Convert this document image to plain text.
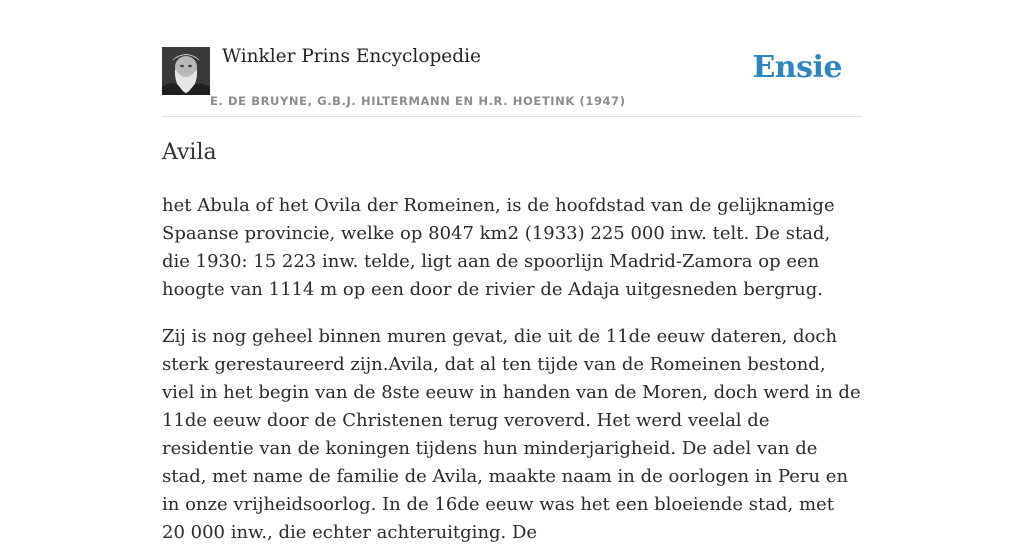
Winkler Prins Encyclopedie
E. DE BRUYNE, G.B.J. HILTERMANN EN H.R. HOETINK (1947)
Ensie
Avila

het Abula of het Ovila der Romeinen, is de hoofdstad van de gelijknamige Spaanse provincie, welke op 8047 km2 (1933) 225 000 inw. telt. De stad, die 1930: 15 223 inw. telde, ligt aan de spoorlijn Madrid-Zamora op een hoogte van 1114 m op een door de rivier de Adaja uitgesneden bergrug.

Zij is nog geheel binnen muren gevat, die uit de 11de eeuw dateren, doch sterk gerestaureerd zijn.Avila, dat al ten tijde van de Romeinen bestond, viel in het begin van de 8ste eeuw in handen van de Moren, doch werd in de 11de eeuw door de Christenen terug veroverd. Het werd veelal de residentie van de koningen tijdens hun minderjarigheid. De adel van de stad, met name de familie de Avila, maakte naam in de oorlogen in Peru en in onze vrijheidsoorlog. In de 16de eeuw was het een bloeiende stad, met 20 000 inw., die echter achteruitging. De
